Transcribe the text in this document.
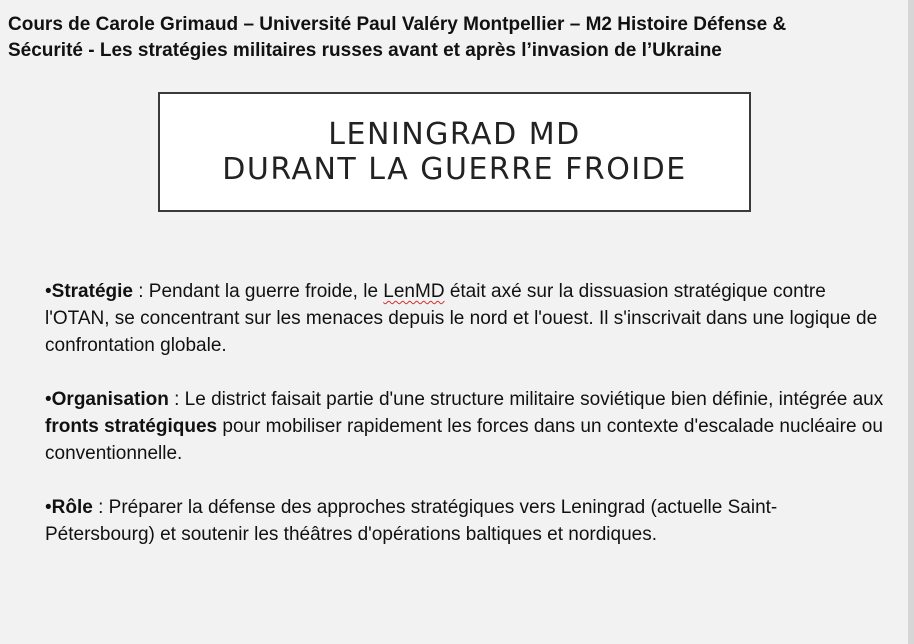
Cours de Carole Grimaud – Université Paul Valéry Montpellier – M2 Histoire Défense &
Sécurité - Les stratégies militaires russes avant et après l’invasion de l’Ukraine
LENINGRAD MD
DURANT LA GUERRE FROIDE

•Stratégie : Pendant la guerre froide, le LenMD était axé sur la dissuasion stratégique contre l'OTAN, se concentrant sur les menaces depuis le nord et l'ouest. Il s'inscrivait dans une logique de confrontation globale.

•Organisation : Le district faisait partie d'une structure militaire soviétique bien définie, intégrée aux fronts stratégiques pour mobiliser rapidement les forces dans un contexte d'escalade nucléaire ou conventionnelle.

•Rôle : Préparer la défense des approches stratégiques vers Leningrad (actuelle Saint-Pétersbourg) et soutenir les théâtres d'opérations baltiques et nordiques.
